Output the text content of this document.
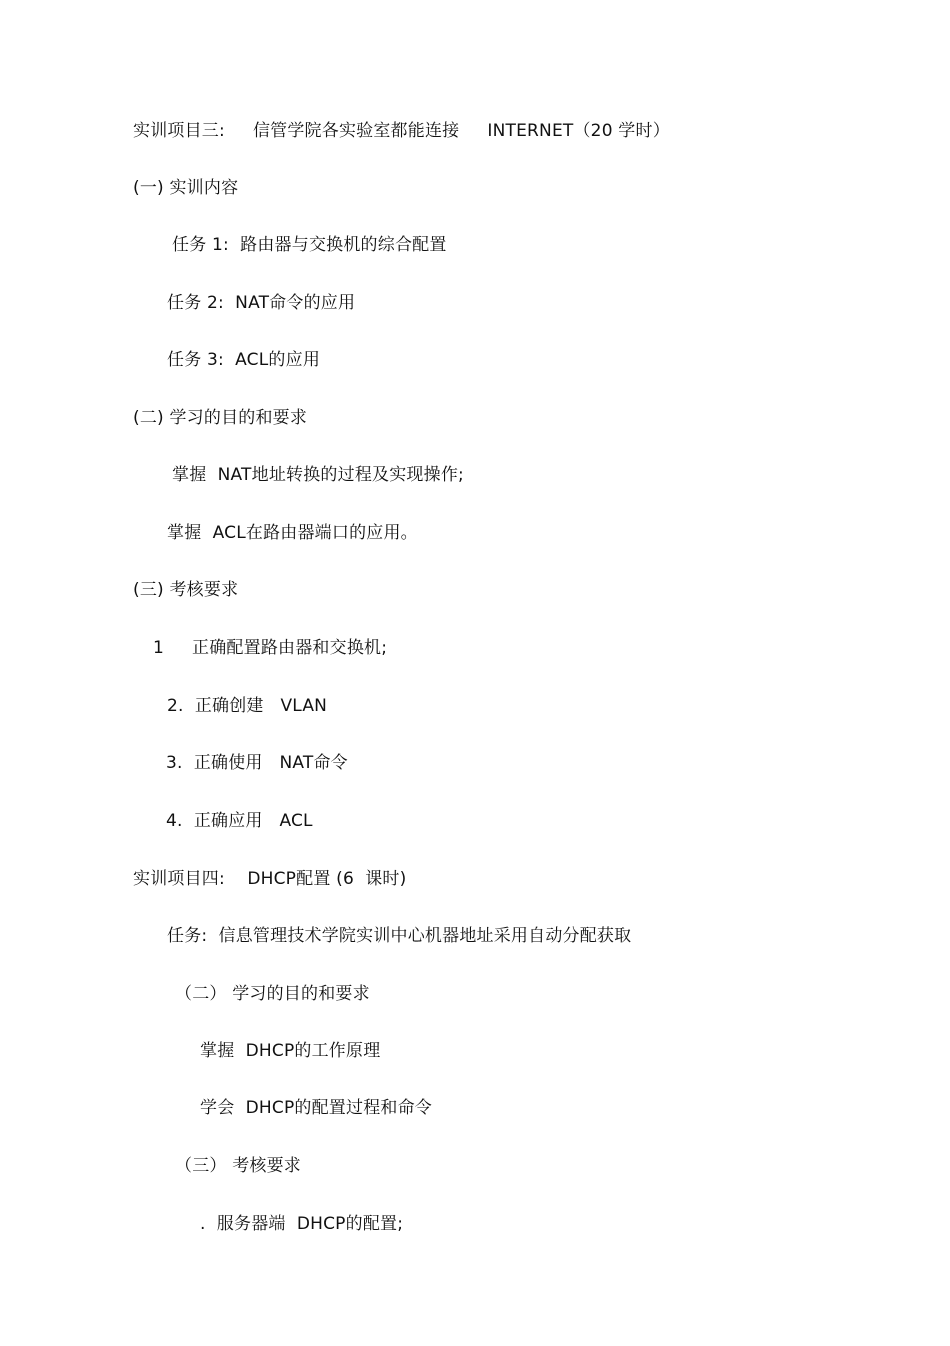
实训项目三:     信管学院各实验室都能连接     INTERNET（20 学时）
(一) 实训内容
任务 1:  路由器与交换机的综合配置
任务 2:  NAT命令的应用
任务 3:  ACL的应用
(二) 学习的目的和要求
掌握  NAT地址转换的过程及实现操作;
掌握  ACL在路由器端口的应用。
(三) 考核要求
1     正确配置路由器和交换机;
2.  正确创建   VLAN
3.  正确使用   NAT命令
4.  正确应用   ACL
实训项目四:    DHCP配置 (6  课时)
任务:  信息管理技术学院实训中心机器地址采用自动分配获取
（二） 学习的目的和要求
掌握  DHCP的工作原理
学会  DHCP的配置过程和命令
（三） 考核要求
.  服务器端  DHCP的配置;
